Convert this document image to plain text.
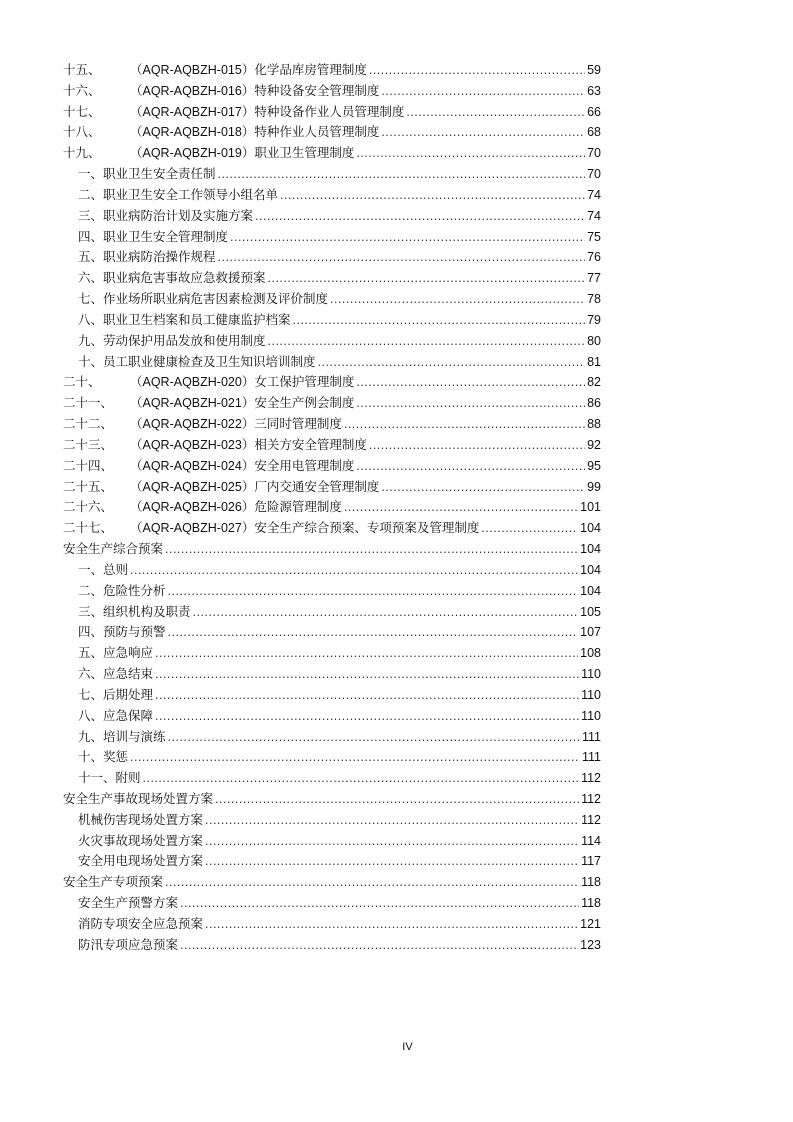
十五、	（AQR-AQBZH-015） 化学品库房管理制度 .....	59
十六、	（AQR-AQBZH-016） 特种设备安全管理制度 .....	63
十七、	（AQR-AQBZH-017） 特种设备作业人员管理制度 .....	66
十八、	（AQR-AQBZH-018） 特种作业人员管理制度 .....	68
十九、	（AQR-AQBZH-019） 职业卫生管理制度 .....	70
一、职业卫生安全责任制 .....	70
二、职业卫生安全工作领导小组名单 .....	74
三、职业病防治计划及实施方案 .....	74
四、职业卫生安全管理制度 .....	75
五、职业病防治操作规程 .....	76
六、职业病危害事故应急救援预案 .....	77
七、作业场所职业病危害因素检测及评价制度 .....	78
八、职业卫生档案和员工健康监护档案 .....	79
九、劳动保护用品发放和使用制度 .....	80
十、员工职业健康检查及卫生知识培训制度 .....	81
二十、	（AQR-AQBZH-020） 女工保护管理制度 .....	82
二十一、	（AQR-AQBZH-021） 安全生产例会制度 .....	86
二十二、	（AQR-AQBZH-022） 三同时管理制度 .....	88
二十三、	（AQR-AQBZH-023） 相关方安全管理制度 .....	92
二十四、	（AQR-AQBZH-024） 安全用电管理制度 .....	95
二十五、	（AQR-AQBZH-025） 厂内交通安全管理制度 .....	99
二十六、	（AQR-AQBZH-026） 危险源管理制度 .....	101
二十七、	（AQR-AQBZH-027） 安全生产综合预案、专项预案及管理制度 .....	104
安全生产综合预案 .....	104
一、总则 .....	104
二、危险性分析 .....	104
三、组织机构及职责 .....	105
四、预防与预警 .....	107
五、应急响应 .....	108
六、应急结束 .....	110
七、后期处理 .....	110
八、应急保障 .....	110
九、培训与演练 .....	111
十、奖惩 .....	111
十一、附则 .....	112
安全生产事故现场处置方案 .....	112
机械伤害现场处置方案 .....	112
火灾事故现场处置方案 .....	114
安全用电现场处置方案 .....	117
安全生产专项预案 .....	118
安全生产预警方案 .....	118
消防专项安全应急预案 .....	121
防汛专项应急预案 .....	123
IV
